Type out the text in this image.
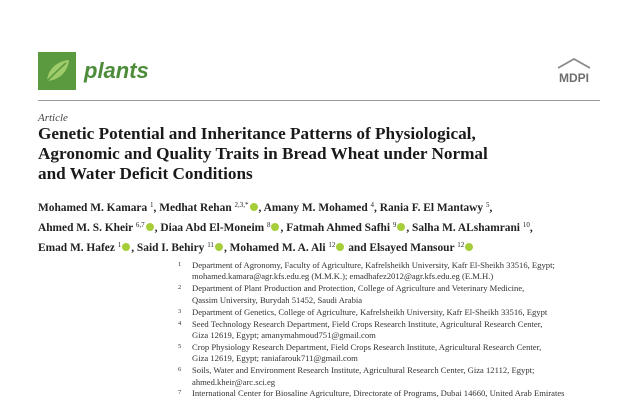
plants	MDPI
Article
Genetic Potential and Inheritance Patterns of Physiological,
Agronomic and Quality Traits in Bread Wheat under Normal
and Water Deficit Conditions
Mohamed M. Kamara $^1$, Medhat Rehan $^{2,3,*}$ , Amany M. Mohamed $^4$, Rania F. El Mantawy $^5$,
Ahmed M. S. Kheir $^{6,7}$ , Diaa Abd El-Moneim $^8$ , Fatmah Ahmed Safhi $^9$ , Salha M. ALshamrani $^{10}$,
Emad M. Hafez $^1$ , Said I. Behiry $^{11}$ , Mohamed M. A. Ali $^{12}$ and Elsayed Mansour $^{12}$
1 Department of Agronomy, Faculty of Agriculture, Kafrelsheikh University, Kafr El-Sheikh 33516, Egypt;
mohamed.kamara@agr.kfs.edu.eg (M.M.K.); emadhafez2012@agr.kfs.edu.eg (E.M.H.)
2 Department of Plant Production and Protection, College of Agriculture and Veterinary Medicine,
Qassim University, Burydah 51452, Saudi Arabia
3 Department of Genetics, College of Agriculture, Kafrelsheikh University, Kafr El-Sheikh 33516, Egypt
4 Seed Technology Research Department, Field Crops Research Institute, Agricultural Research Center,
Giza 12619, Egypt; amanymahmoud751@gmail.com
5 Crop Physiology Research Department, Field Crops Research Institute, Agricultural Research Center,
Giza 12619, Egypt; raniafarouk711@gmail.com
6 Soils, Water and Environment Research Institute, Agricultural Research Center, Giza 12112, Egypt;
ahmed.kheir@arc.sci.eg
7 International Center for Biosaline Agriculture, Directorate of Programs, Dubai 14660, United Arab Emirates
